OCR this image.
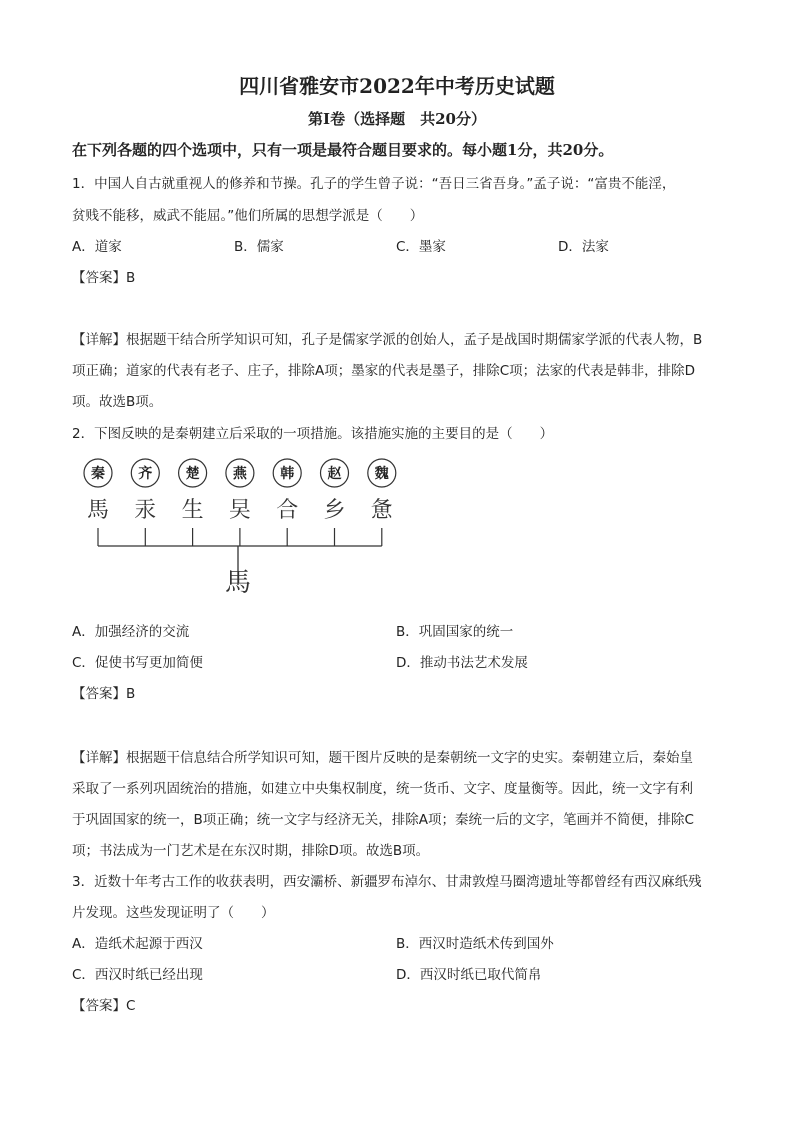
四川省雅安市2022年中考历史试题
第Ⅰ卷（选择题　共20分）
在下列各题的四个选项中，只有一项是最符合题目要求的。每小题1分，共20分。
1．中国人自古就重视人的修养和节操。孔子的学生曾子说：“吾日三省吾身。”孟子说：“富贵不能淫，
贫贱不能移，威武不能屈。”他们所属的思想学派是（　　）
A．道家	B．儒家	C．墨家	D．法家
【答案】B
【详解】根据题干结合所学知识可知，孔子是儒家学派的创始人，孟子是战国时期儒家学派的代表人物，B
项正确；道家的代表有老子、庄子，排除A项；墨家的代表是墨子，排除C项；法家的代表是韩非，排除D
项。故选B项。
2．下图反映的是秦朝建立后采取的一项措施。该措施实施的主要目的是（　　）
秦 齐 楚 燕 韩 赵 魏
馬 汞 生 旲 合 乡 惫
馬
A．加强经济的交流	B．巩固国家的统一
C．促使书写更加简便	D．推动书法艺术发展
【答案】B
【详解】根据题干信息结合所学知识可知，题干图片反映的是秦朝统一文字的史实。秦朝建立后，秦始皇
采取了一系列巩固统治的措施，如建立中央集权制度，统一货币、文字、度量衡等。因此，统一文字有利
于巩固国家的统一，B项正确；统一文字与经济无关，排除A项；秦统一后的文字，笔画并不简便，排除C
项；书法成为一门艺术是在东汉时期，排除D项。故选B项。
3．近数十年考古工作的收获表明，西安灞桥、新疆罗布淖尔、甘肃敦煌马圈湾遗址等都曾经有西汉麻纸残
片发现。这些发现证明了（　　）
A．造纸术起源于西汉	B．西汉时造纸术传到国外
C．西汉时纸已经出现	D．西汉时纸已取代简帛
【答案】C
